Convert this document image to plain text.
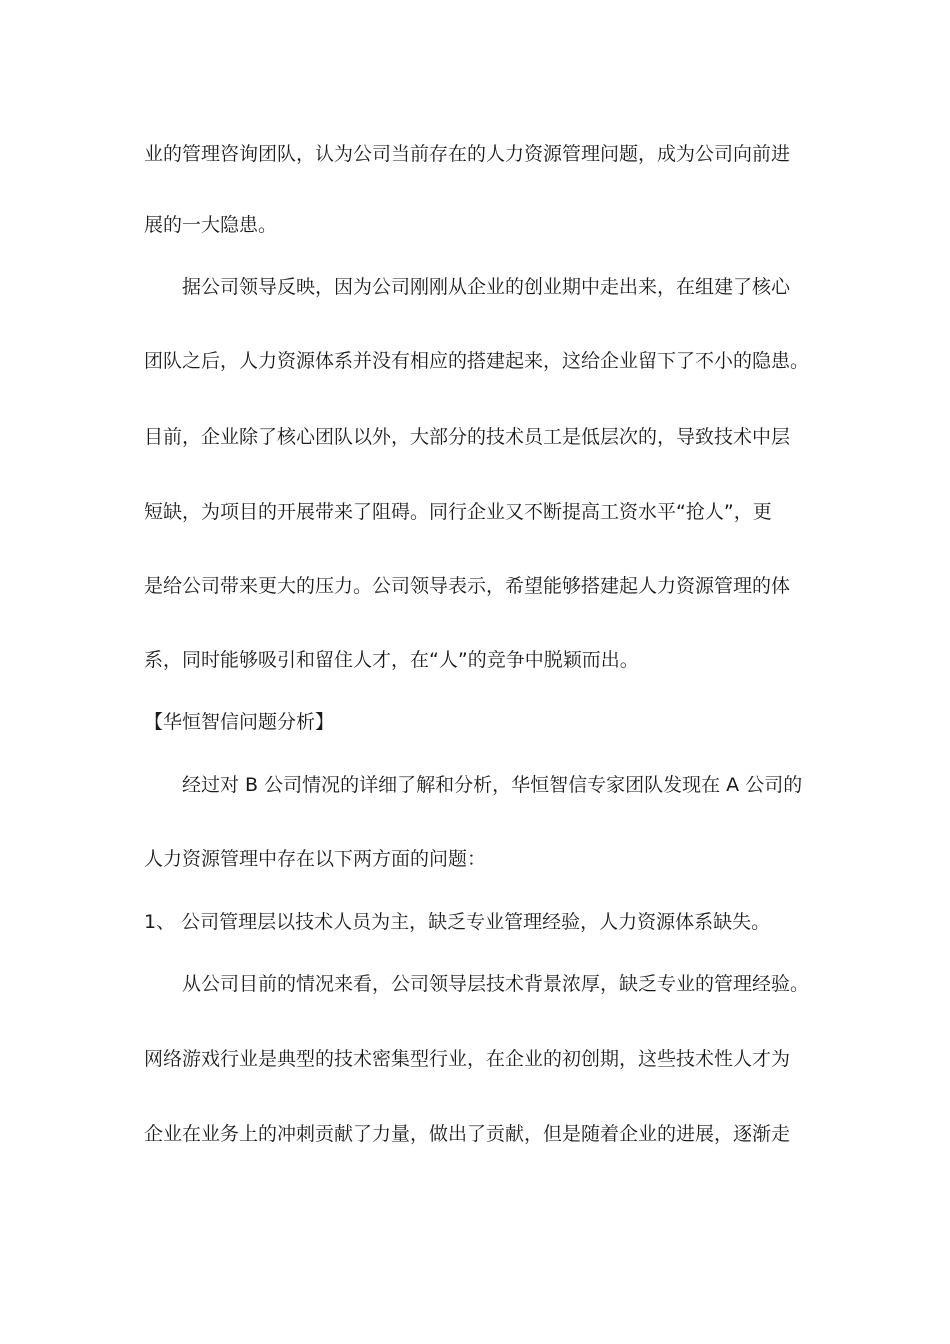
业的管理咨询团队，认为公司当前存在的人力资源管理问题，成为公司向前进
展的一大隐患。
据公司领导反映，因为公司刚刚从企业的创业期中走出来，在组建了核心
团队之后，人力资源体系并没有相应的搭建起来，这给企业留下了不小的隐患。
目前，企业除了核心团队以外，大部分的技术员工是低层次的，导致技术中层
短缺，为项目的开展带来了阻碍。同行企业又不断提高工资水平“抢人”，更
是给公司带来更大的压力。公司领导表示，希望能够搭建起人力资源管理的体
系，同时能够吸引和留住人才，在“人”的竞争中脱颖而出。
【华恒智信问题分析】
经过对 B 公司情况的详细了解和分析，华恒智信专家团队发现在 A 公司的
人力资源管理中存在以下两方面的问题：
1、 公司管理层以技术人员为主，缺乏专业管理经验，人力资源体系缺失。
从公司目前的情况来看，公司领导层技术背景浓厚，缺乏专业的管理经验。
网络游戏行业是典型的技术密集型行业，在企业的初创期，这些技术性人才为
企业在业务上的冲刺贡献了力量，做出了贡献，但是随着企业的进展，逐渐走
